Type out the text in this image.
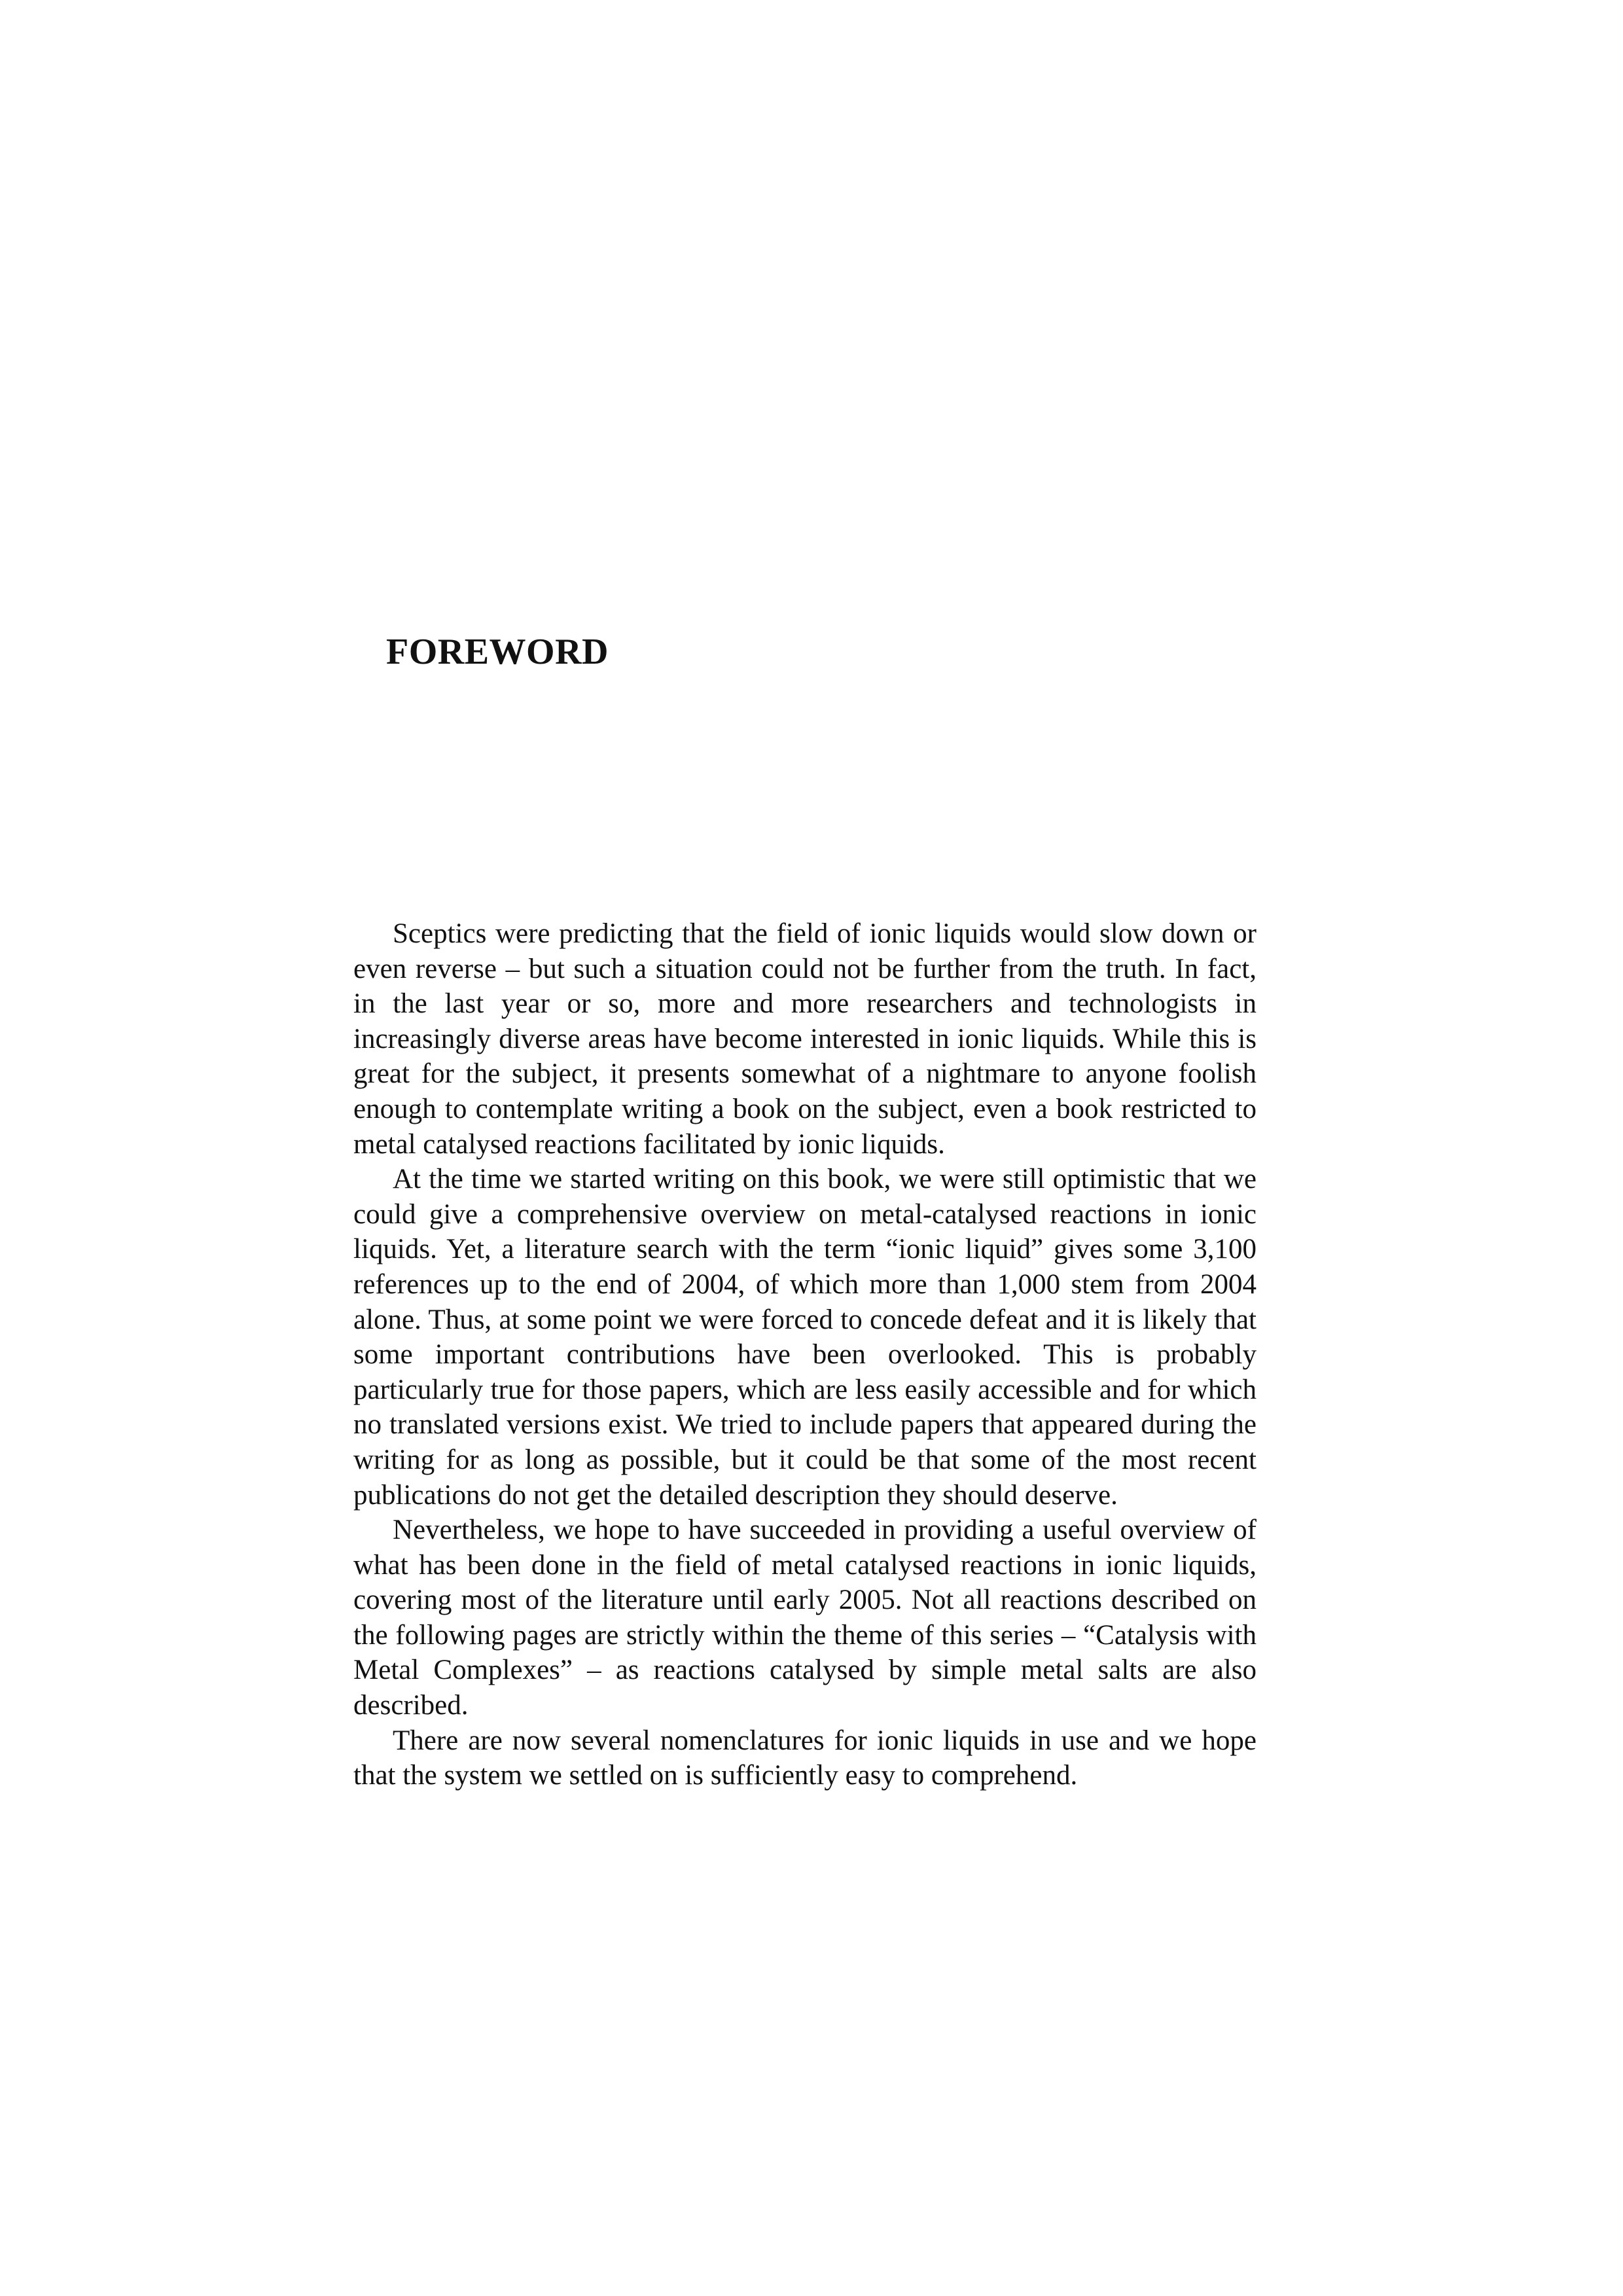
FOREWORD

Sceptics were predicting that the field of ionic liquids would slow down or even reverse – but such a situation could not be further from the truth. In fact, in the last year or so, more and more researchers and technologists in increasingly diverse areas have become interested in ionic liquids. While this is great for the subject, it presents somewhat of a nightmare to anyone foolish enough to contemplate writing a book on the subject, even a book restricted to metal catalysed reactions facilitated by ionic liquids.

At the time we started writing on this book, we were still optimistic that we could give a comprehensive overview on metal-catalysed reactions in ionic liquids. Yet, a literature search with the term “ionic liquid” gives some 3,100 references up to the end of 2004, of which more than 1,000 stem from 2004 alone. Thus, at some point we were forced to concede defeat and it is likely that some important contributions have been overlooked. This is probably particularly true for those papers, which are less easily accessible and for which no translated versions exist. We tried to include papers that appeared during the writing for as long as possible, but it could be that some of the most recent publications do not get the detailed description they should deserve.

Nevertheless, we hope to have succeeded in providing a useful overview of what has been done in the field of metal catalysed reactions in ionic liquids, covering most of the literature until early 2005. Not all reactions described on the following pages are strictly within the theme of this series – “Catalysis with Metal Complexes” – as reactions catalysed by simple metal salts are also described.

There are now several nomenclatures for ionic liquids in use and we hope that the system we settled on is sufficiently easy to comprehend.
